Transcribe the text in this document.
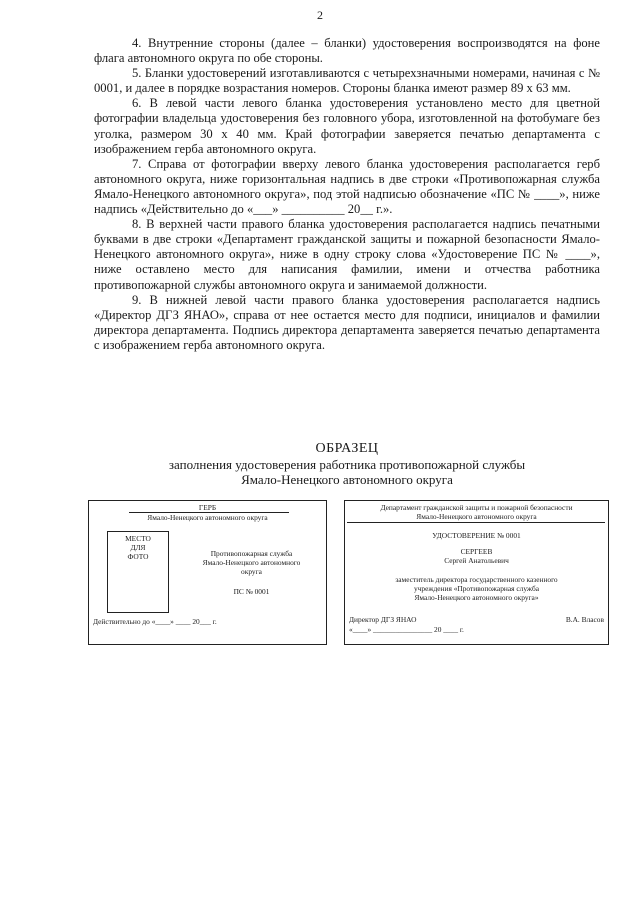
2

4. Внутренние стороны (далее – бланки) удостоверения воспроизводятся на фоне флага автономного округа по обе стороны.

5. Бланки удостоверений изготавливаются с четырехзначными номерами, начиная с № 0001, и далее в порядке возрастания номеров. Стороны бланка имеют размер 89 х 63 мм.

6. В левой части левого бланка удостоверения установлено место для цветной фотографии владельца удостоверения без головного убора, изготовленной на фотобумаге без уголка, размером 30 х 40 мм. Край фотографии заверяется печатью департамента с изображением герба автономного округа.

7. Справа от фотографии вверху левого бланка удостоверения располагается герб автономного округа, ниже горизонтальная надпись в две строки «Противопожарная служба Ямало-Ненецкого автономного округа», под этой надписью обозначение «ПС № ____», ниже надпись «Действительно до «___» __________ 20__ г.».

8. В верхней части правого бланка удостоверения располагается надпись печатными буквами в две строки «Департамент гражданской защиты и пожарной безопасности Ямало-Ненецкого автономного округа», ниже в одну строку слова «Удостоверение ПС № ____», ниже оставлено место для написания фамилии, имени и отчества работника противопожарной службы автономного округа и занимаемой должности.

9. В нижней левой части правого бланка удостоверения располагается надпись «Директор ДГЗ ЯНАО», справа от нее остается место для подписи, инициалов и фамилии директора департамента. Подпись директора департамента заверяется печатью департамента с изображением герба автономного округа.

ОБРАЗЕЦ
заполнения удостоверения работника противопожарной службы
Ямало-Ненецкого автономного округа
ГЕРБ
Ямало-Ненецкого автономного округа
МЕСТО
ДЛЯ
ФОТО	Противопожарная служба
Ямало-Ненецкого автономного
округа
ПС № 0001
Действительно до «____» ____ 20___ г.
Департамент гражданской защиты и пожарной безопасности
Ямало-Ненецкого автономного округа
УДОСТОВЕРЕНИЕ № 0001
СЕРГЕЕВ
Сергей Анатольевич
заместитель директора государственного казенного
учреждения «Противопожарная служба
Ямало-Ненецкого автономного округа»
Директор ДГЗ ЯНАО	В.А. Власов
«____» ________________ 20 ____ г.
